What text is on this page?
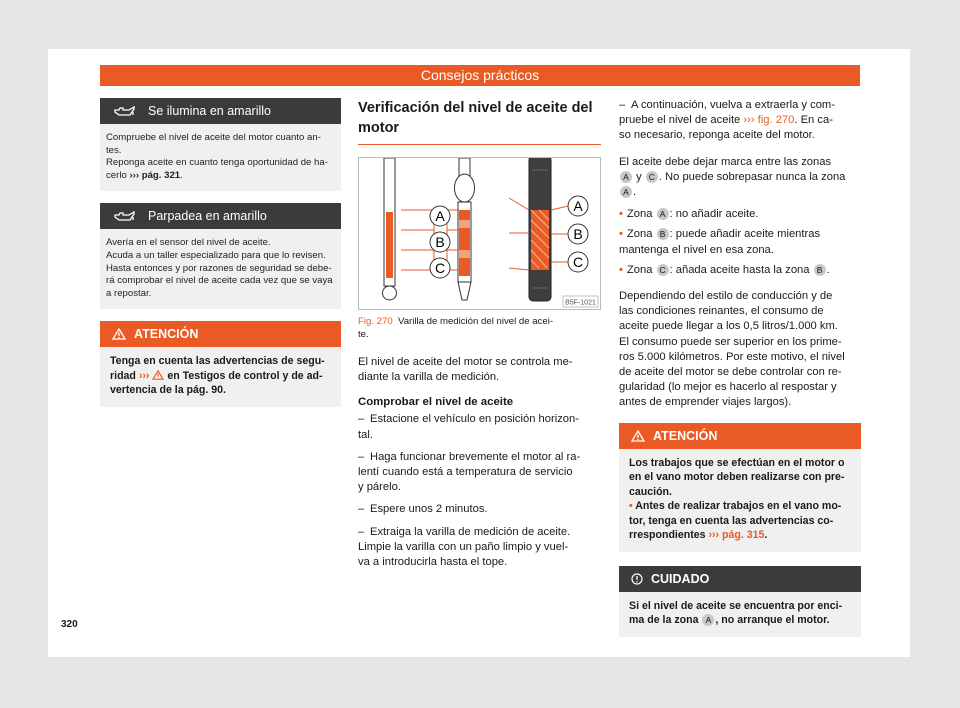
Consejos prácticos
Se ilumina en amarillo
Compruebe el nivel de aceite del motor cuanto an-
tes.
Reponga aceite en cuanto tenga oportunidad de ha-
cerlo ››› pág. 321.
Parpadea en amarillo
Avería en el sensor del nivel de aceite.
Acuda a un taller especializado para que lo revisen.
Hasta entonces y por razones de seguridad se debe-
rá comprobar el nivel de aceite cada vez que se vaya
a repostar.
ATENCIÓN
Tenga en cuenta las advertencias de segu-
ridad ›››  en Testigos de control y de ad-
vertencia de la pág. 90.
Verificación del nivel de aceite del
motor
A
B
C
A
B
C
B5F-1021
Fig. 270 Varilla de medición del nivel de acei-
te.
El nivel de aceite del motor se controla me-
diante la varilla de medición.
Comprobar el nivel de aceite
– Estacione el vehículo en posición horizon-
tal.
– Haga funcionar brevemente el motor al ra-
lentí cuando está a temperatura de servicio
y párelo.
– Espere unos 2 minutos.
– Extraiga la varilla de medición de aceite.
Limpie la varilla con un paño limpio y vuel-
va a introducirla hasta el tope.
– A continuación, vuelva a extraerla y com-
pruebe el nivel de aceite ››› fig. 270. En ca-
so necesario, reponga aceite del motor.
El aceite debe dejar marca entre las zonas
A y C . No puede sobrepasar nunca la zona
A .
• Zona A : no añadir aceite.
• Zona B : puede añadir aceite mientras
mantenga el nivel en esa zona.
• Zona C : añada aceite hasta la zona B .
Dependiendo del estilo de conducción y de
las condiciones reinantes, el consumo de
aceite puede llegar a los 0,5 litros/1.000 km.
El consumo puede ser superior en los prime-
ros 5.000 kilómetros. Por este motivo, el nivel
de aceite del motor se debe controlar con re-
gularidad (lo mejor es hacerlo al respostar y
antes de emprender viajes largos).
ATENCIÓN
Los trabajos que se efectúan en el motor o
en el vano motor deben realizarse con pre-
caución.
• Antes de realizar trabajos en el vano mo-
tor, tenga en cuenta las advertencias co-
rrespondientes ››› pág. 315.
CUIDADO
Si el nivel de aceite se encuentra por enci-
ma de la zona A , no arranque el motor.
320
